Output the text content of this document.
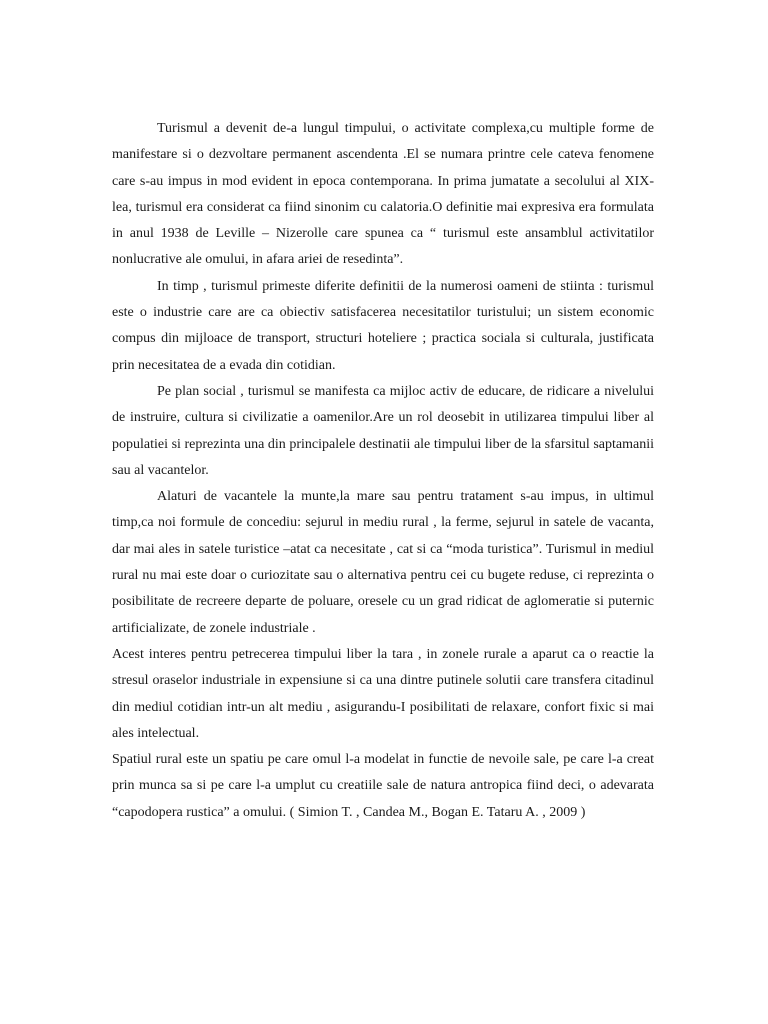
Turismul a devenit de-a lungul timpului, o activitate complexa,cu multiple forme de manifestare si o dezvoltare permanent ascendenta .El se numara printre cele cateva fenomene care s-au impus in mod evident in epoca contemporana. In prima jumatate a secolului al XIX-lea, turismul era considerat ca fiind sinonim cu calatoria.O definitie mai expresiva era formulata in anul 1938 de Leville – Nizerolle care spunea ca “ turismul este ansamblul activitatilor nonlucrative ale omului, in afara ariei de resedinta”.

In timp , turismul primeste diferite definitii de la numerosi oameni de stiinta : turismul este o industrie care are ca obiectiv satisfacerea necesitatilor turistului; un sistem economic compus din mijloace de transport, structuri hoteliere ; practica sociala si culturala, justificata prin necesitatea de a evada din cotidian.

Pe plan social , turismul se manifesta ca mijloc activ de educare, de ridicare a nivelului de instruire, cultura si civilizatie a oamenilor.Are un rol deosebit in utilizarea timpului liber al populatiei si reprezinta una din principalele destinatii ale timpului liber de la sfarsitul saptamanii sau al vacantelor.

Alaturi de vacantele la munte,la mare sau pentru tratament s-au impus, in ultimul timp,ca noi formule de concediu: sejurul in mediu rural , la ferme, sejurul in satele de vacanta, dar mai ales in satele turistice –atat ca necesitate , cat si ca “moda turistica”. Turismul in mediul rural nu mai este doar o curiozitate sau o alternativa pentru cei cu bugete reduse, ci reprezinta o posibilitate de recreere departe de poluare, oresele cu un grad ridicat de aglomeratie si puternic artificializate, de zonele industriale .

Acest interes pentru petrecerea timpului liber la tara , in zonele rurale a aparut ca o reactie la stresul oraselor industriale in expensiune si ca una dintre putinele solutii care transfera citadinul din mediul cotidian intr-un alt mediu , asigurandu-I posibilitati de relaxare, confort fixic si mai ales intelectual.

Spatiul rural este un spatiu pe care omul l-a modelat in functie de nevoile sale, pe care l-a creat prin munca sa si pe care l-a umplut cu creatiile sale de natura antropica fiind deci, o adevarata “capodopera rustica” a omului. ( Simion T. , Candea M., Bogan E. Tataru A. , 2009 )
